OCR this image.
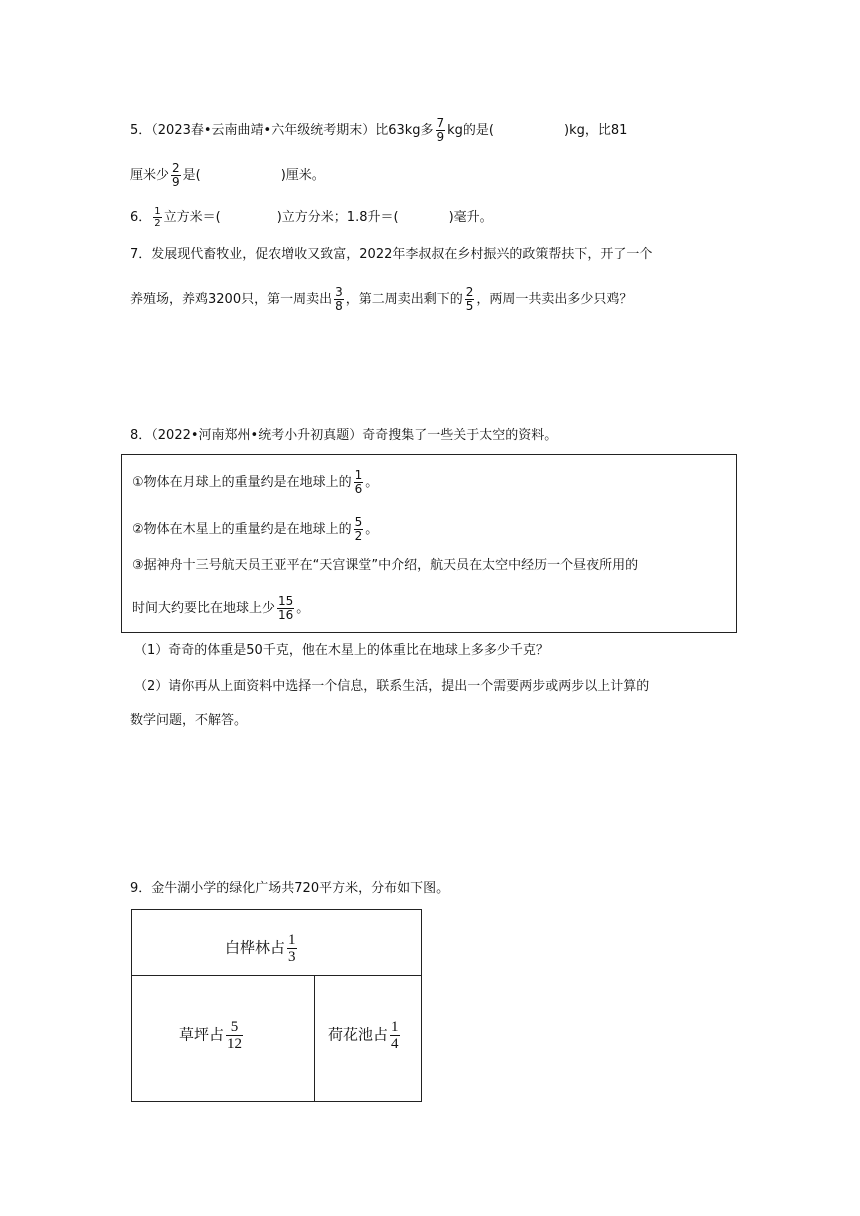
5．（2023春•云南曲靖•六年级统考期末）比63kg多 $\frac{7}{9}$ kg的是(	)kg，比81
厘米少 $\frac{2}{9}$ 是(	)厘米。
6． $\frac{1}{2}$ 立方米＝(	)立方分米；1.8升＝(	)毫升。
7．发展现代畜牧业，促农增收又致富，2022年李叔叔在乡村振兴的政策帮扶下，开了一个
养殖场，养鸡3200只，第一周卖出 $\frac{3}{8}$ ，第二周卖出剩下的 $\frac{2}{5}$ ，两周一共卖出多少只鸡？
8．（2022•河南郑州•统考小升初真题）奇奇搜集了一些关于太空的资料。
①物体在月球上的重量约是在地球上的 $\frac{1}{6}$ 。
②物体在木星上的重量约是在地球上的 $\frac{5}{2}$ 。
③据神舟十三号航天员王亚平在“天宫课堂”中介绍，航天员在太空中经历一个昼夜所用的
时间大约要比在地球上少 $\frac{15}{16}$ 。
（1）奇奇的体重是50千克，他在木星上的体重比在地球上多多少千克？
（2）请你再从上面资料中选择一个信息，联系生活，提出一个需要两步或两步以上计算的
数学问题，不解答。
9．金牛湖小学的绿化广场共720平方米，分布如下图。
白桦林占 $\frac{1}{3}$
草坪占 $\frac{5}{12}$	荷花池占 $\frac{1}{4}$
